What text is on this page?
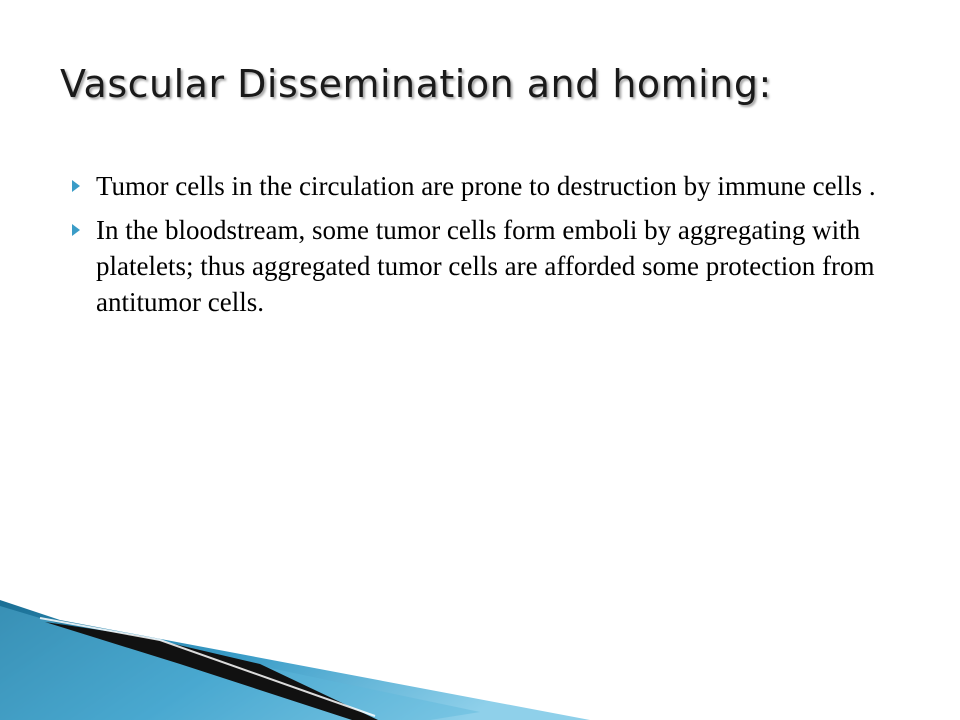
Vascular Dissemination and homing:
Tumor cells in the circulation are prone to destruction by immune cells .
In the bloodstream, some tumor cells form emboli by aggregating with platelets; thus aggregated tumor cells are afforded some protection from antitumor cells.
